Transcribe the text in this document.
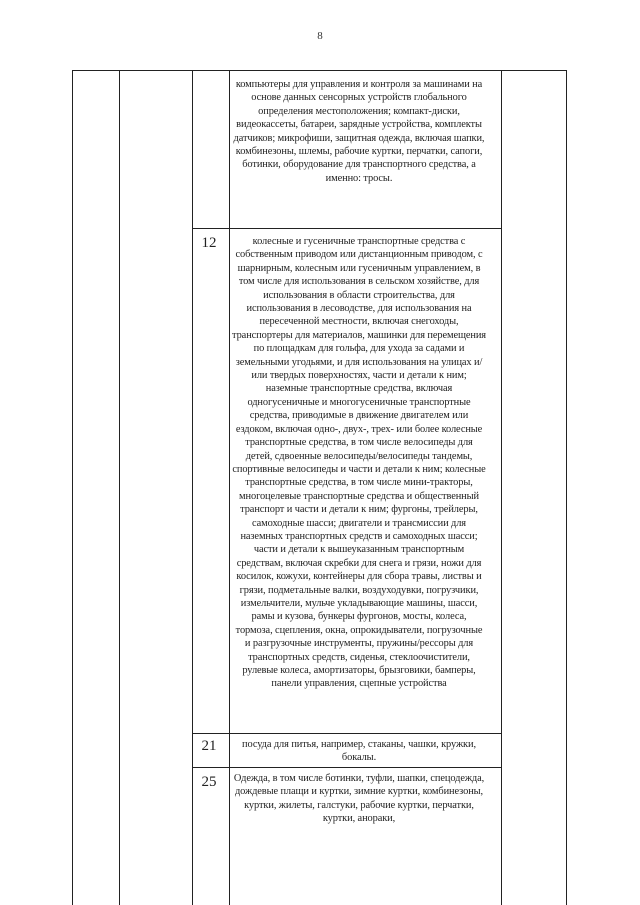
8
компьютеры для управления и контроля за машинами на основе данных сенсорных устройств глобального определения местоположения; компакт-диски, видеокассеты, батареи, зарядные устройства, комплекты датчиков; микрофиши, защитная одежда, включая шапки, комбинезоны, шлемы, рабочие куртки, перчатки, сапоги, ботинки, оборудование для транспортного средства, а именно: тросы.
12	колесные и гусеничные транспортные средства с собственным приводом или дистанционным приводом, с шарнирным, колесным или гусеничным управлением, в том числе для использования в сельском хозяйстве, для использования в области строительства, для использования в лесоводстве, для использования на пересеченной местности, включая снегоходы, транспортеры для материалов, машинки для перемещения по площадкам для гольфа, для ухода за садами и земельными угодьями, и для использования на улицах и/или твердых поверхностях, части и детали к ним; наземные транспортные средства, включая одногусеничные и многогусеничные транспортные средства, приводимые в движение двигателем или ездоком, включая одно-, двух-, трех- или более колесные транспортные средства, в том числе велосипеды для детей, сдвоенные велосипеды/велосипеды тандемы, спортивные велосипеды и части и детали к ним; колесные транспортные средства, в том числе мини-тракторы, многоцелевые транспортные средства и общественный транспорт и части и детали к ним; фургоны, трейлеры, самоходные шасси; двигатели и трансмиссии для наземных транспортных средств и самоходных шасси; части и детали к вышеуказанным транспортным средствам, включая скребки для снега и грязи, ножи для косилок, кожухи, контейнеры для сбора травы, листвы и грязи, подметальные валки, воздуходувки, погрузчики, измельчители, мульче укладывающие машины, шасси, рамы и кузова, бункеры фургонов, мосты, колеса, тормоза, сцепления, окна, опрокидыватели, погрузочные и разгрузочные инструменты, пружины/рессоры для транспортных средств, сиденья, стеклоочистители, рулевые колеса, амортизаторы, брызговики, бамперы, панели управления, сцепные устройства
21	посуда для питья, например, стаканы, чашки, кружки, бокалы.
25	Одежда, в том числе ботинки, туфли, шапки, спецодежда, дождевые плащи и куртки, зимние куртки, комбинезоны, куртки, жилеты, галстуки, рабочие куртки, перчатки, куртки, анораки,
